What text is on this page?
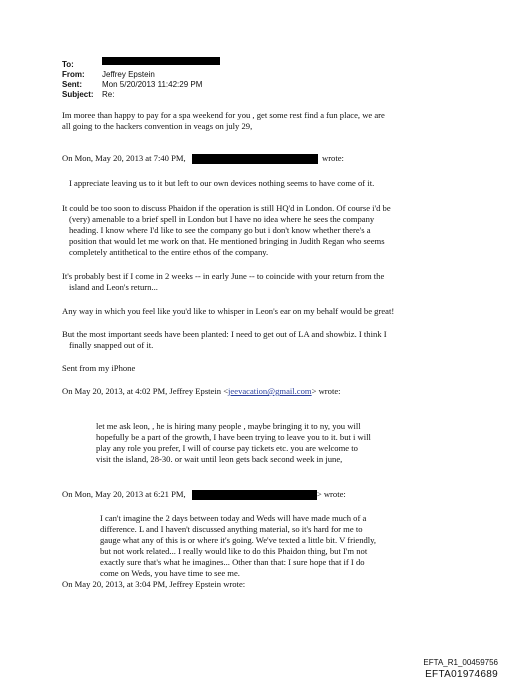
To:
From:	Jeffrey Epstein
Sent:	Mon 5/20/2013 11:42:29 PM
Subject:	Re:
Im moree than happy to pay for a spa weekend for you , get some rest find a fun place, we are
all going to the hackers convention in veags on july 29,
On Mon, May 20, 2013 at 7:40 PM,	wrote:
I appreciate leaving us to it but left to our own devices nothing seems to have come of it.
It could be too soon to discuss Phaidon if the operation is still HQ'd in London. Of course i'd be
(very) amenable to a brief spell in London but I have no idea where he sees the company
heading. I know where I'd like to see the company go but i don't know whether there's a
position that would let me work on that. He mentioned bringing in Judith Regan who seems
completely antithetical to the entire ethos of the company.
It's probably best if I come in 2 weeks -- in early June -- to coincide with your return from the
island and Leon's return...
Any way in which you feel like you'd like to whisper in Leon's ear on my behalf would be great!
But the most important seeds have been planted: I need to get out of LA and showbiz. I think I
finally snapped out of it.
Sent from my iPhone
On May 20, 2013, at 4:02 PM, Jeffrey Epstein <jeevacation@gmail.com> wrote:
let me ask leon, , he is hiring many people , maybe bringing it to ny, you will
hopefully be a part of the growth, I have been trying to leave you to it. but i will
play any role you prefer, I will of course pay tickets etc. you are welcome to
visit the island, 28-30. or wait until leon gets back second week in june,
On Mon, May 20, 2013 at 6:21 PM,	> wrote:
I can't imagine the 2 days between today and Weds will have made much of a
difference. L and I haven't discussed anything material, so it's hard for me to
gauge what any of this is or where it's going. We've texted a little bit. V friendly,
but not work related... I really would like to do this Phaidon thing, but I'm not
exactly sure that's what he imagines... Other than that: I sure hope that if I do
come on Weds, you have time to see me.
On May 20, 2013, at 3:04 PM, Jeffrey Epstein wrote:
EFTA_R1_00459756
EFTA01974689
